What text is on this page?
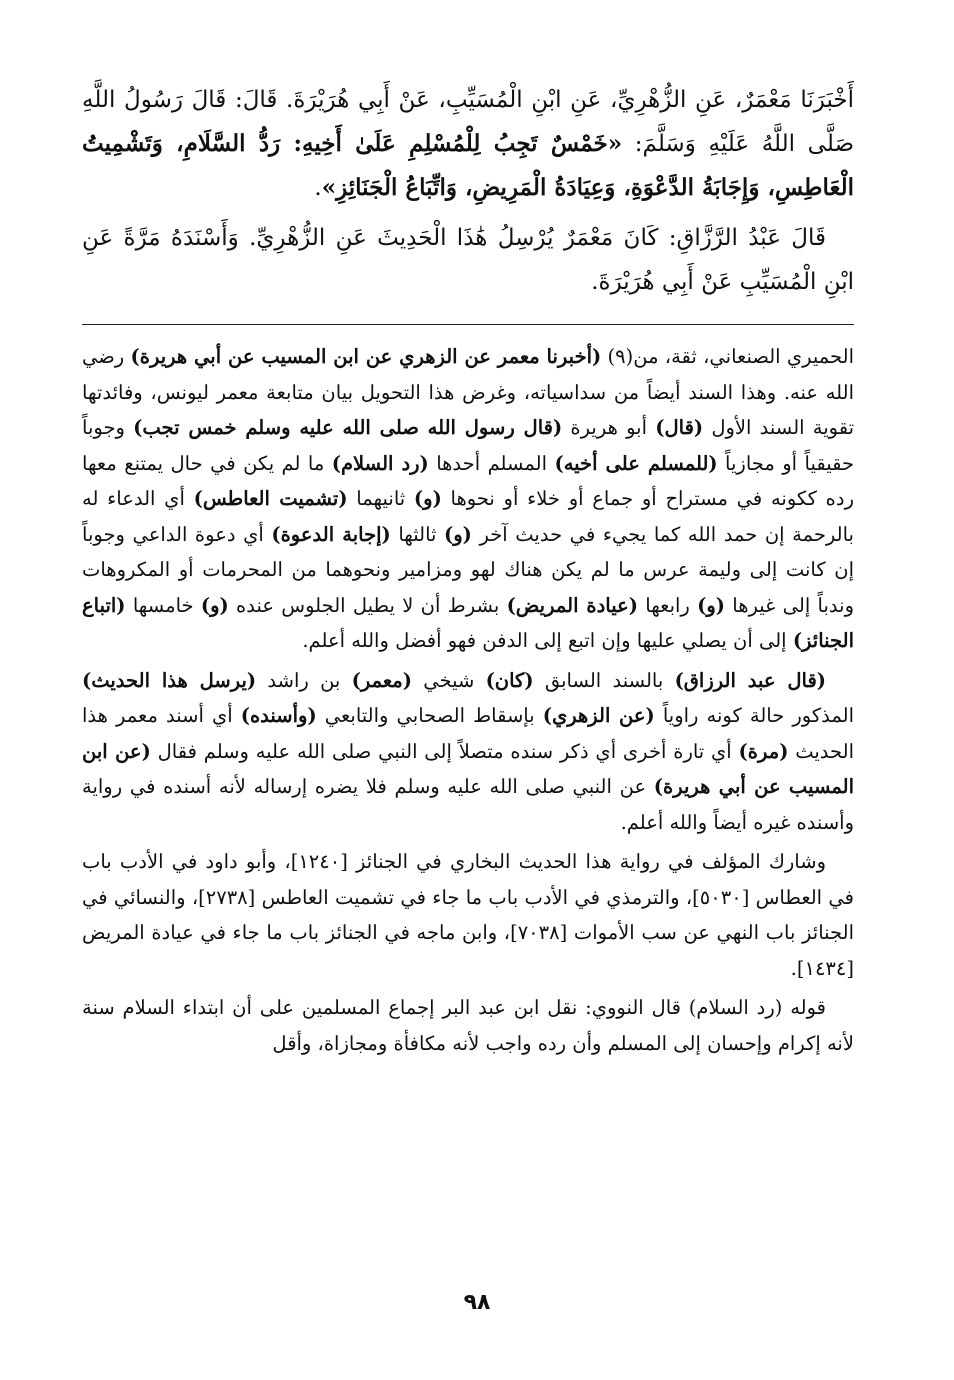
أَخْبَرَنَا مَعْمَرٌ، عَنِ الزُّهْرِيِّ، عَنِ ابْنِ الْمُسَيِّبِ، عَنْ أَبِي هُرَيْرَةَ. قَالَ: قَالَ رَسُولُ اللَّهِ صَلَّى اللَّهُ عَلَيْهِ وَسَلَّمَ: «خَمْسٌ تَجِبُ لِلْمُسْلِمِ عَلَىٰ أَخِيهِ: رَدُّ السَّلَامِ، وَتَشْمِيتُ الْعَاطِسِ، وَإِجَابَةُ الدَّعْوَةِ، وَعِيَادَةُ الْمَرِيضِ، وَاتِّبَاعُ الْجَنَائِزِ».

قَالَ عَبْدُ الرَّزَّاقِ: كَانَ مَعْمَرٌ يُرْسِلُ هَٰذَا الْحَدِيثَ عَنِ الزُّهْرِيِّ. وَأَسْنَدَهُ مَرَّةً عَنِ ابْنِ الْمُسَيِّبِ عَنْ أَبِي هُرَيْرَةَ.

الحميري الصنعاني، ثقة، من(٩) (أخبرنا معمر عن الزهري عن ابن المسيب عن أبي هريرة) رضي الله عنه. وهذا السند أيضاً من سداسياته، وغرض هذا التحويل بيان متابعة معمر ليونس، وفائدتها تقوية السند الأول (قال) أبو هريرة (قال رسول الله صلى الله عليه وسلم خمس تجب) وجوباً حقيقياً أو مجازياً (للمسلم على أخيه) المسلم أحدها (رد السلام) ما لم يكن في حال يمتنع معها رده ككونه في مستراح أو جماع أو خلاء أو نحوها (و) ثانيهما (تشميت العاطس) أي الدعاء له بالرحمة إن حمد الله كما يجيء في حديث آخر (و) ثالثها (إجابة الدعوة) أي دعوة الداعي وجوباً إن كانت إلى وليمة عرس ما لم يكن هناك لهو ومزامير ونحوهما من المحرمات أو المكروهات وندباً إلى غيرها (و) رابعها (عيادة المريض) بشرط أن لا يطيل الجلوس عنده (و) خامسها (اتباع الجنائز) إلى أن يصلي عليها وإن اتبع إلى الدفن فهو أفضل والله أعلم.

(قال عبد الرزاق) بالسند السابق (كان) شيخي (معمر) بن راشد (يرسل هذا الحديث) المذكور حالة كونه راوياً (عن الزهري) بإسقاط الصحابي والتابعي (وأسنده) أي أسند معمر هذا الحديث (مرة) أي تارة أخرى أي ذكر سنده متصلاً إلى النبي صلى الله عليه وسلم فقال (عن ابن المسيب عن أبي هريرة) عن النبي صلى الله عليه وسلم فلا يضره إرساله لأنه أسنده في رواية وأسنده غيره أيضاً والله أعلم.

وشارك المؤلف في رواية هذا الحديث البخاري في الجنائز [١٢٤٠]، وأبو داود في الأدب باب في العطاس [٥٠٣٠]، والترمذي في الأدب باب ما جاء في تشميت العاطس [٢٧٣٨]، والنسائي في الجنائز باب النهي عن سب الأموات [٧٠٣٨]، وابن ماجه في الجنائز باب ما جاء في عيادة المريض [١٤٣٤].

قوله (رد السلام) قال النووي: نقل ابن عبد البر إجماع المسلمين على أن ابتداء السلام سنة لأنه إكرام وإحسان إلى المسلم وأن رده واجب لأنه مكافأة ومجازاة، وأقل

٩٨
